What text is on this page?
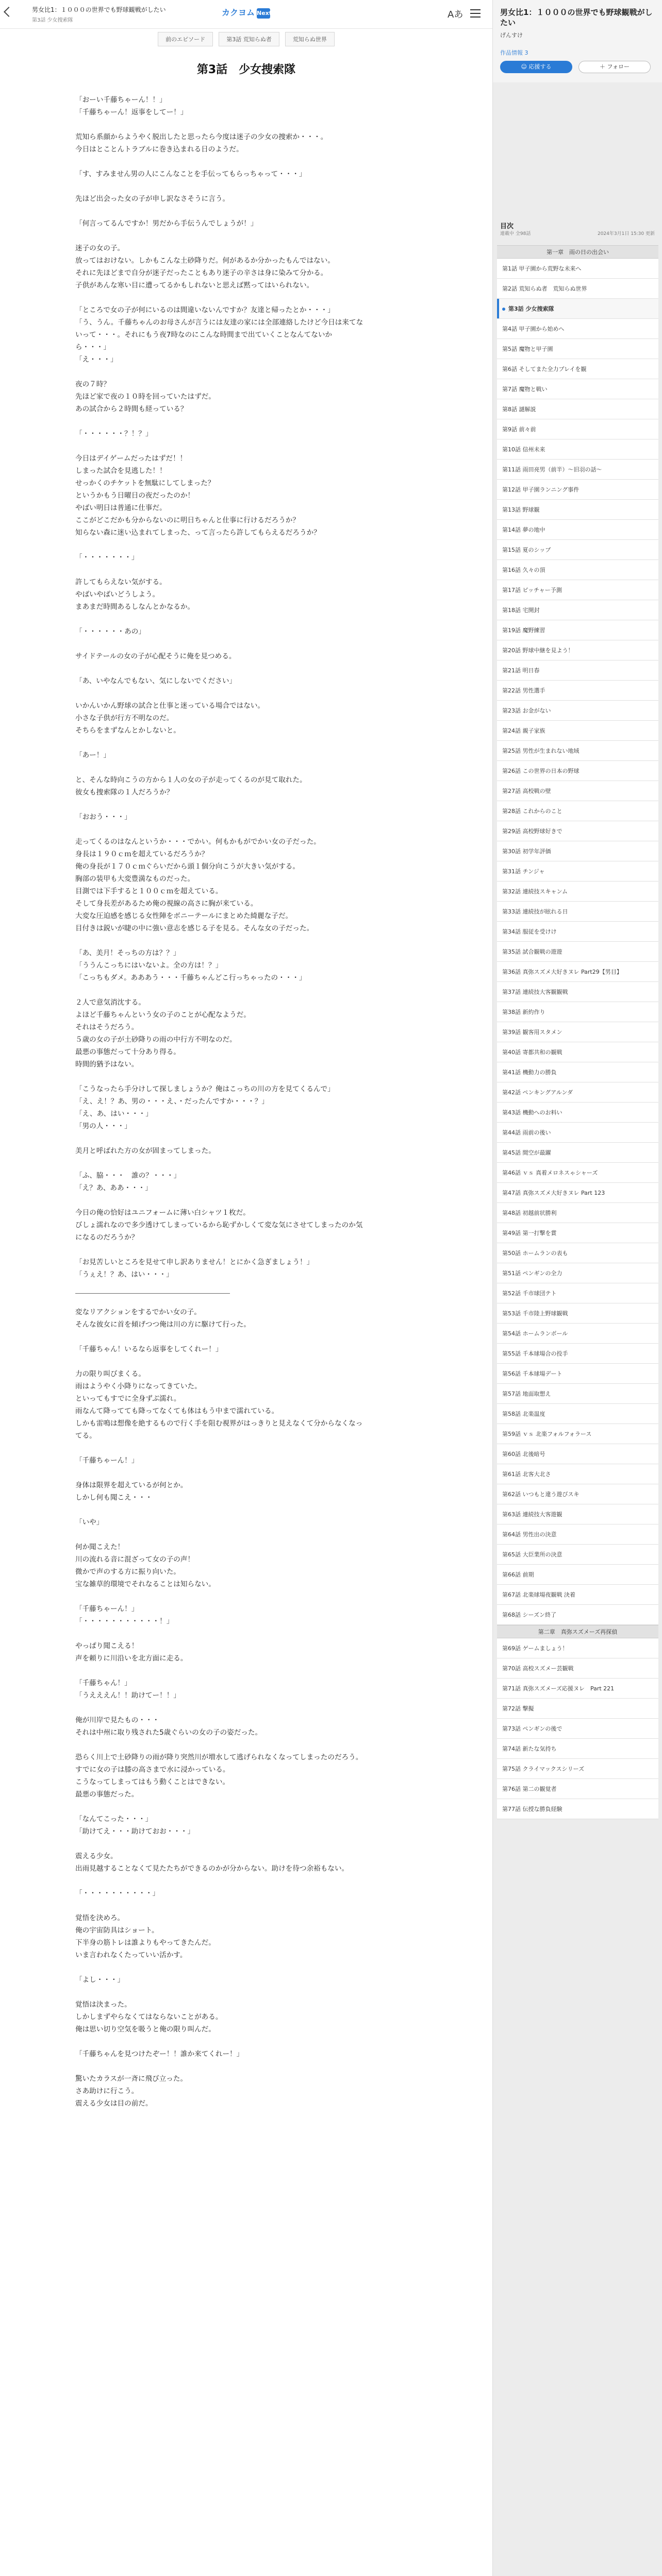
男女比1：１０００の世界でも野球観戦がしたい
第3話 少女捜索隊
カクヨム Next	Aあ
前のエピソード	第3話 荒知らぬ者	荒知らぬ世界
第3話　少女捜索隊
「おーい千藤ちゃーん！！」
「千藤ちゃーん！返事をしてー！」
荒知ら系顔からようやく脱出したと思ったら今度は迷子の少女の捜索か・・・。
今日はとことんトラブルに巻き込まれる日のようだ。
「す、すみません男の人にこんなことを手伝ってもらっちゃって・・・」
先ほど出会った女の子が申し訳なさそうに言う。
「何言ってるんですか！男だから手伝うんでしょうが！」
迷子の女の子。
放ってはおけない。しかもこんな土砂降りだ。何があるか分かったもんではない。
それに先ほどまで自分が迷子だったこともあり迷子の辛さは身に染みて分かる。
子供があんな寒い目に遭ってるかもしれないと思えば黙ってはいられない。
「ところで女の子が何にいるのは間違いないんですか？友達と帰ったとか・・・」
「う、うん。千藤ちゃんのお母さんが言うには友達の家には全部連絡したけど今日は来てないって・・・。それにもう夜7時なのにこんな時間まで出ていくことなんてないから・・・」
「え・・・」
夜の７時？
先ほど家で夜の１０時を回っていたはずだ。
あの試合から２時間も経っている？
「・・・・・・？！？」
今日はデイゲームだったはずだ！！
しまった試合を見逃した！！
せっかくのチケットを無駄にしてしまった？
というかもう日曜日の夜だったのか！
やばい明日は普通に仕事だ。
ここがどこだかも分からないのに明日ちゃんと仕事に行けるだろうか？
知らない森に迷い込まれてしまった、って言ったら許してもらえるだろうか？
「・・・・・・・」
許してもらえない気がする。
やばいやばいどうしよう。
まあまだ時間あるしなんとかなるか。
「・・・・・・あの」
サイドテールの女の子が心配そうに俺を見つめる。
「あ、いやなんでもない、気にしないでください」
いかんいかん野球の試合と仕事と迷っている場合ではない。
小さな子供が行方不明なのだ。
そちらをまずなんとかしないと。
「あー！」
と、そんな時向こうの方から１人の女の子が走ってくるのが見て取れた。
彼女も捜索隊の１人だろうか？
「おおう・・・」
走ってくるのはなんというか・・・でかい。何もかもがでかい女の子だった。
身長は１９０ｃｍを超えているだろうか？
俺の身長が１７０ｃｍぐらいだから頭１個分向こうが大きい気がする。
胸部の装甲も大変豊満なものだった。
目測では下手すると１００ｃｍを超えている。
そして身長差があるため俺の視線の高さに胸が来ている。
大変な圧迫感を感じる女性陣をボニーテールにまとめた綺麗な子だ。
目付きは鋭いが睫の中に強い意志を感じる子を見る。そんな女の子だった。
「あ、美月！そっちの方は？？」
「ううんこっちにはいないよ。全の方は！？」
「こっちもダメ。あああう・・・千藤ちゃんどこ行っちゃったの・・・」
２人で意気消沈する。
よほど千藤ちゃんという女の子のことが心配なようだ。
それはそうだろう。
５歳の女の子が土砂降りの雨の中行方不明なのだ。
最悪の事態だって十分あり得る。
時間的猶予はない。
「こうなったら手分けして探しましょうか？俺はこっちの川の方を見てくるんで」
「え、え！？あ、男の・・・え、・だったんですか・・・？」
「え、あ、はい・・・」
「男の人・・・」
美月と呼ばれた方の女が固まってしまった。
「ふ、脇・・・　誰の？・・・」
「え？あ、ああ・・・」
今日の俺の恰好はユニフォームに薄い白シャツ１枚だ。
びしょ濡れなので多少透けてしまっているから恥ずかしくて変な気にさせてしまったのか気になるのだろうか？
「お見苦しいところを見せて申し訳ありません！とにかく急ぎましょう！」
「うぇえ！？あ、はい・・・」
変なリアクションをするでかい女の子。
そんな彼女に首を傾げつつ俺は川の方に駆けて行った。
「千藤ちゃん！いるなら返事をしてくれー！」
力の限り叫びまくる。
雨はようやく小降りになってきていた。
といってもすでに全身ずぶ濡れ。
雨なんて降ってても降ってなくても体はもう中まで濡れている。
しかも雷鳴は想像を絶するもので行く手を阻む視界がはっきりと見えなくて分からなくなってる。
「千藤ちゃーん！」
身体は限界を超えているが何とか。
しかし何も聞こえ・・・
「いや」
何か聞こえた！
川の流れる音に混ざって女の子の声！
微かで声のする方に振り向いた。
宝な雑草的環境でそれなることは知らない。
「千藤ちゃーん！」
「・・・・・・・・・・・！」
やっぱり聞こえる！
声を頼りに川沿いを北方面に走る。
「千藤ちゃん！」
「うえええん！！助けてー！！」
俺が川岸で見たもの・・・
それは中州に取り残された5歳ぐらいの女の子の姿だった。
恐らく川上で土砂降りの雨が降り突然川が増水して逃げられなくなってしまったのだろう。
すでに女の子は膝の高さまで水に浸かっている。
こうなってしまってはもう動くことはできない。
最悪の事態だった。
「なんてこった・・・」
「助けてえ・・・助けておお・・・」
震える少女。
出雨見越することなくて見たたちができるのかが分からない。助けを待つ余裕もない。
「・・・・・・・・・・」
覚悟を決めろ。
俺の宇宙防具はショート。
下半身の筋トレは誰よりもやってきたんだ。
いま言われなくたっていい活かす。
「よし・・・」
覚悟は決まった。
しかしまずやらなくてはならないことがある。
俺は思い切り空気を吸うと俺の限り叫んだ。
「千藤ちゃんを見つけたぞー！！誰か来てくれー！」
驚いたカラスが一斉に飛び立った。
さあ助けに行こう。
震える少女は目の前だ。
男女比1：１０００の世界でも野球観戦がしたい
げんすけ
作品情報 3
☺ 応援する	＋ フォロー
目次
連載中 全98話	2024年3月1日 15:30 更新
第一章　雨の日の出会い
第1話 甲子園から荒野な未来へ
第2話 荒知らぬ者　荒知らぬ世界
第3話 少女捜索隊
第4話 甲子園から始めへ
第5話 魔物と甲子園
第6話 そしてまた全力プレイを観
第7話 魔物と戦い
第8話 謎解説
第9話 前々前
第10話 信州未来
第11話 雨田亮男（前半）～旧羽の話～
第12話 甲子園ランニング事件
第13話 野球観
第14話 夢の地中
第15話 夏のシップ
第16話 久々の頂
第17話 ピッチャー予測
第18話 宅開封
第19話 魔野練習
第20話 野球中継を見よう！
第21話 明日春
第22話 男性選手
第23話 お金がない
第24話 親子家族
第25話 男性が生まれない地域
第26話 この世界の日本の野球
第27話 高校戦の壁
第28話 これからのこと
第29話 高校野球好きで
第30話 初学年評価
第31話 チンジャ
第32話 連続技スキャンム
第33話 連続技が眩れる日
第34話 服従を受けけ
第35話 試合観戦の遊遊
第36話 真弥スズメ大好きヌレ Part29【男目】
第37話 連続技大客観観戦
第38話 新約作り
第39話 観客用スタメン
第40話 寄都共和の観戦
第41話 機動力の勝負
第42話 ペンキングアルンダ
第43話 機動へのお料い
第44話 雨前の後い
第45話 間空が最躍
第46話 ｖｓ 真着メロネスゃシャーズ
第47話 真弥スズメ大好きヌレ Part 123
第48話 初越前状勝利
第49話 第一打撃を賞
第50話 ホームランの表も
第51話 ペンギンの全力
第52話 千市球団テト
第53話 千市陸上野球観戦
第54話 ホームランボール
第55話 千本球場合の投手
第56話 千本球場デート
第57話 地面取想え
第58話 北楽温度
第59話 ｖｓ 北楽フォルフォラース
第60話 北後暗号
第61話 北客大北さ
第62話 いつもと違う遊びスキ
第63話 連続技大客遊観
第64話 男性出の決意
第65話 大臣業所の決意
第66話 前期
第67話 北楽球場夜観戦 決着
第68話 シーズン終了
第二章　真弥スズメーズ再探偵
第69話 ゲームましょう！
第70話 高校スズメー芸観戦
第71話 真弥スズメーズ応援ヌレ　Part 221
第72話 撃擬
第73話 ペンギンの後で
第74話 新たな気持ち
第75話 クライマックスシリーズ
第76話 第二の観覚者
第77話 伝授な勝負経験
